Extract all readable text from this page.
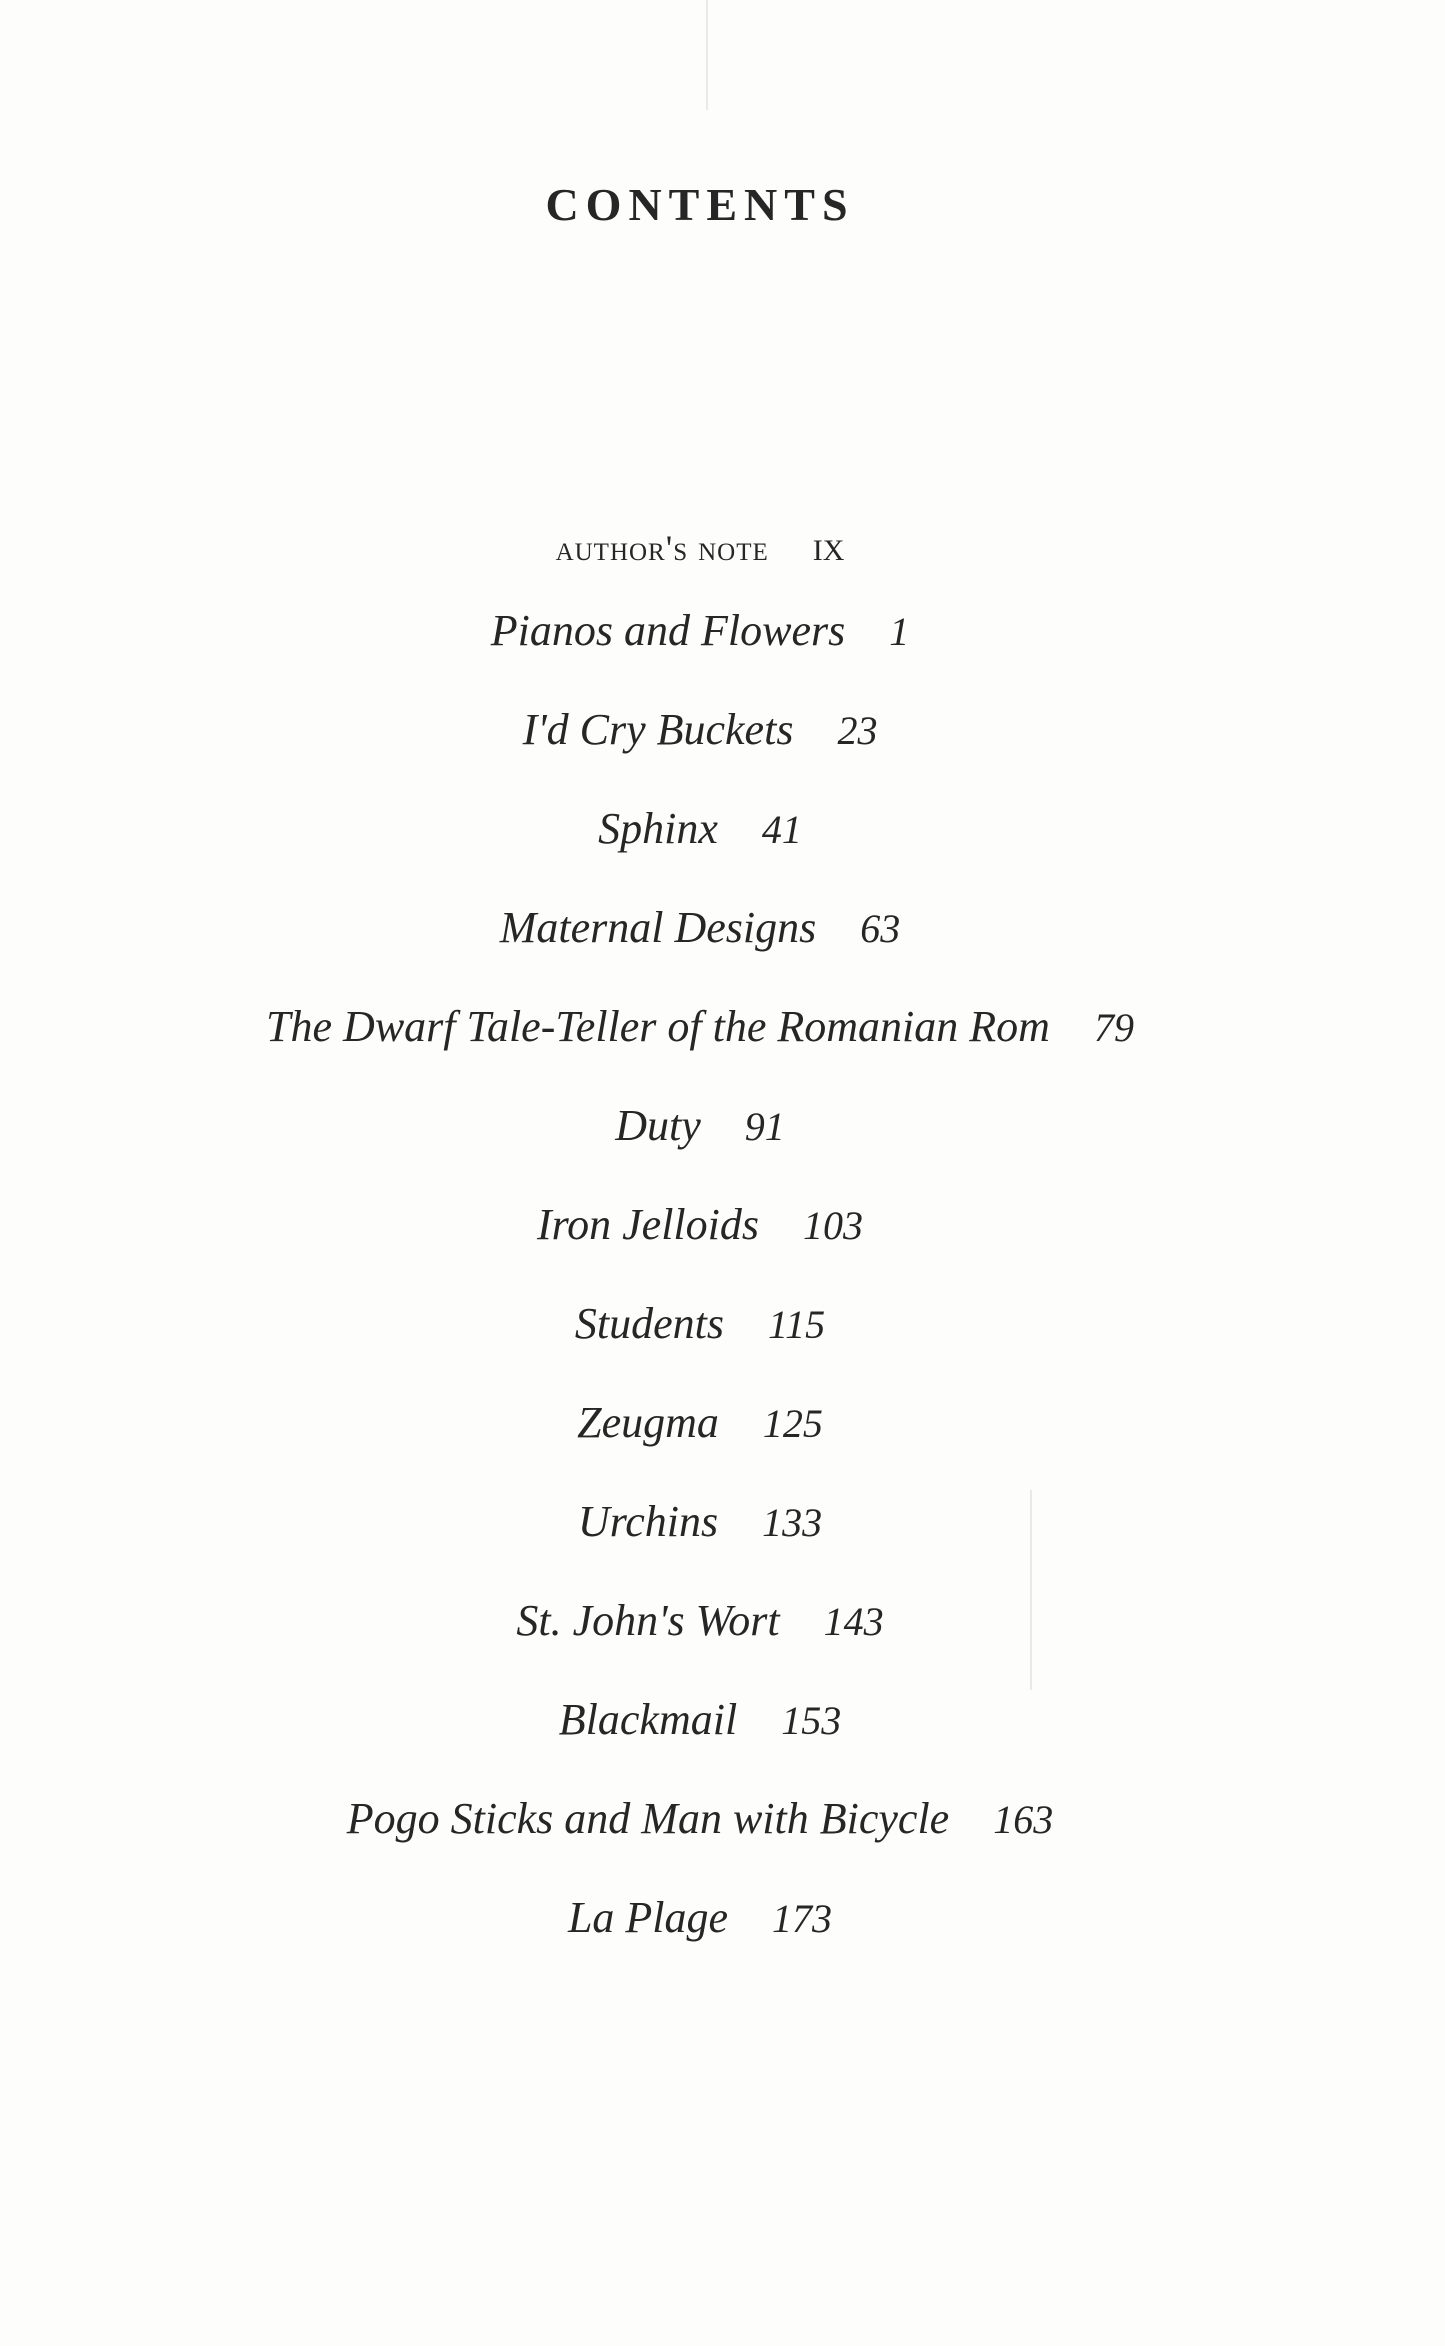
CONTENTS
author's note IX
Pianos and Flowers 1
I'd Cry Buckets 23
Sphinx 41
Maternal Designs 63
The Dwarf Tale-Teller of the Romanian Rom 79
Duty 91
Iron Jelloids 103
Students 115
Zeugma 125
Urchins 133
St. John's Wort 143
Blackmail 153
Pogo Sticks and Man with Bicycle 163
La Plage 173
